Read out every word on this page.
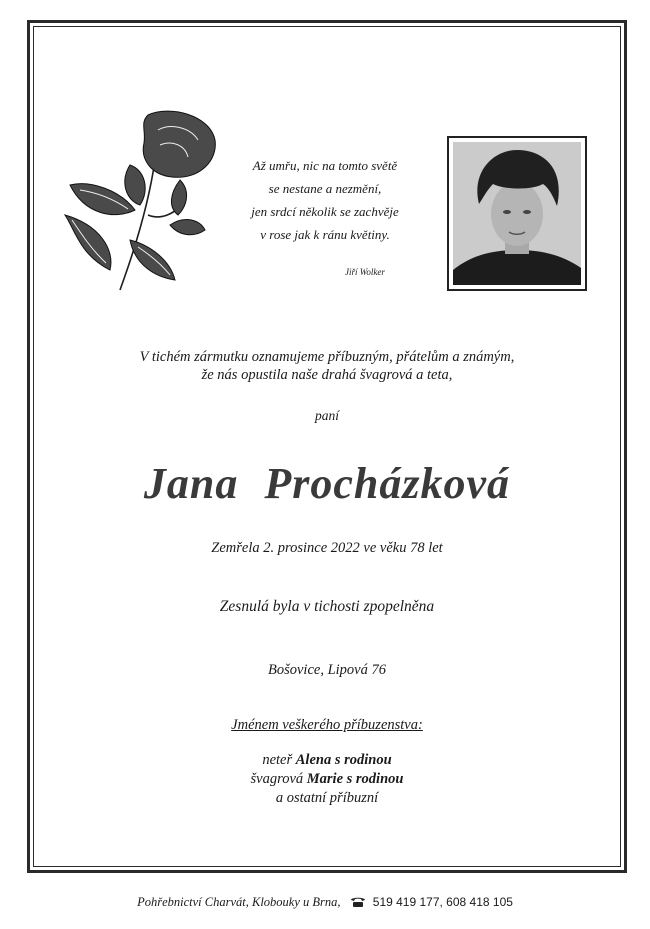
Až umřu, nic na tomto světě
se nestane a nezmění,
jen srdcí několik se zachvěje
v rose jak k ránu květiny.
Jiří Wolker
V tichém zármutku oznamujeme příbuzným, přátelům a známým,
že nás opustila naše drahá švagrová a teta,
paní
Jana Procházková
Zemřela 2. prosince 2022 ve věku 78 let
Zesnulá byla v tichosti zpopelněna
Bošovice, Lipová 76
Jménem veškerého příbuzenstva:
neteř Alena s rodinou
švagrová Marie s rodinou
a ostatní příbuzní
Pohřebnictví Charvát, Klobouky u Brna,	519 419 177, 608 418 105
